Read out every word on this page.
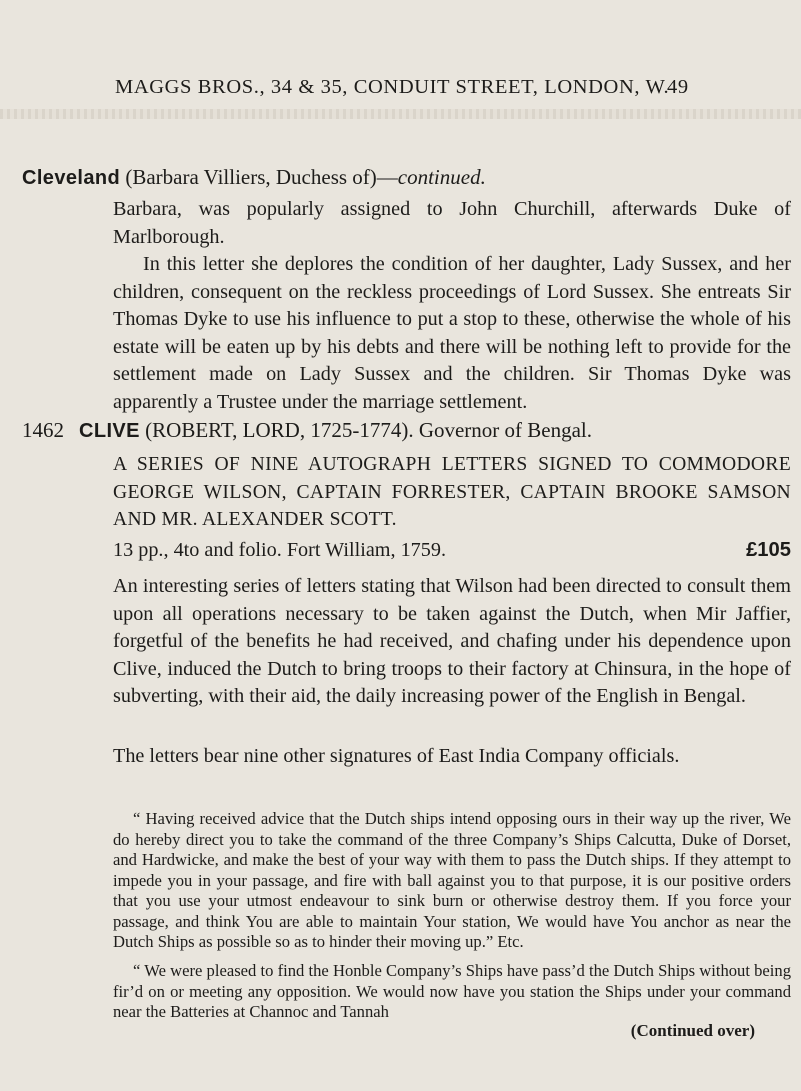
MAGGS BROS., 34 & 35, CONDUIT STREET, LONDON, W.
49
Cleveland (Barbara Villiers, Duchess of)—continued.
Barbara, was popularly assigned to John Churchill, afterwards Duke of Marlborough.
In this letter she deplores the condition of her daughter, Lady Sussex, and her children, consequent on the reckless proceedings of Lord Sussex. She entreats Sir Thomas Dyke to use his influence to put a stop to these, otherwise the whole of his estate will be eaten up by his debts and there will be nothing left to provide for the settlement made on Lady Sussex and the children. Sir Thomas Dyke was apparently a Trustee under the marriage settlement.
1462 CLIVE (ROBERT, LORD, 1725-1774). Governor of Bengal.
A SERIES OF NINE AUTOGRAPH LETTERS SIGNED TO COMMODORE GEORGE WILSON, CAPTAIN FORRESTER, CAPTAIN BROOKE SAMSON AND MR. ALEXANDER SCOTT.
13 pp., 4to and folio. Fort William, 1759.	£105
An interesting series of letters stating that Wilson had been directed to consult them upon all operations necessary to be taken against the Dutch, when Mir Jaffier, forgetful of the benefits he had received, and chafing under his dependence upon Clive, induced the Dutch to bring troops to their factory at Chinsura, in the hope of subverting, with their aid, the daily increasing power of the English in Bengal.
The letters bear nine other signatures of East India Company officials.
“ Having received advice that the Dutch ships intend opposing ours in their way up the river, We do hereby direct you to take the command of the three Company’s Ships Calcutta, Duke of Dorset, and Hardwicke, and make the best of your way with them to pass the Dutch ships. If they attempt to impede you in your passage, and fire with ball against you to that purpose, it is our positive orders that you use your utmost endeavour to sink burn or otherwise destroy them. If you force your passage, and think You are able to maintain Your station, We would have You anchor as near the Dutch Ships as possible so as to hinder their moving up.” Etc.
“ We were pleased to find the Honble Company’s Ships have pass’d the Dutch Ships without being fir’d on or meeting any opposition. We would now have you station the Ships under your command near the Batteries at Channoc and Tannah
(Continued over)
